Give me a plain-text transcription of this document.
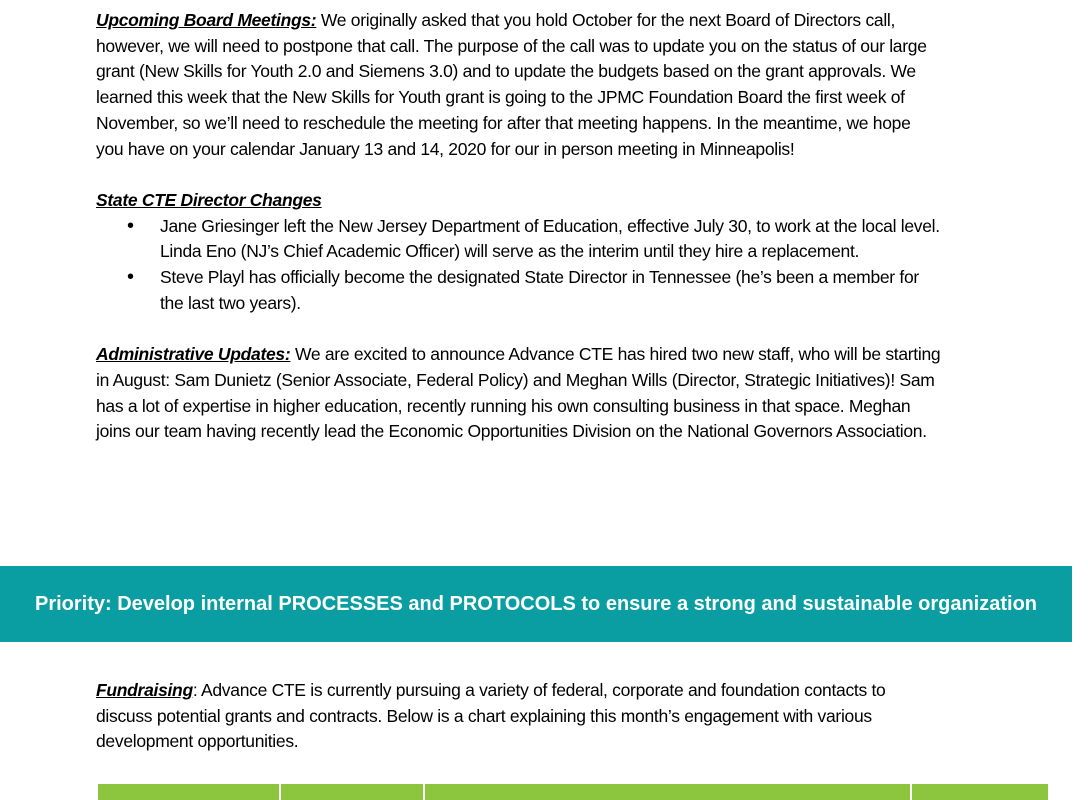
Upcoming Board Meetings: We originally asked that you hold October for the next Board of Directors call, however, we will need to postpone that call. The purpose of the call was to update you on the status of our large grant (New Skills for Youth 2.0 and Siemens 3.0) and to update the budgets based on the grant approvals. We learned this week that the New Skills for Youth grant is going to the JPMC Foundation Board the first week of November, so we’ll need to reschedule the meeting for after that meeting happens. In the meantime, we hope you have on your calendar January 13 and 14, 2020 for our in person meeting in Minneapolis!

State CTE Director Changes
• Jane Griesinger left the New Jersey Department of Education, effective July 30, to work at the local level. Linda Eno (NJ’s Chief Academic Officer) will serve as the interim until they hire a replacement.
• Steve Playl has officially become the designated State Director in Tennessee (he’s been a member for the last two years).

Administrative Updates: We are excited to announce Advance CTE has hired two new staff, who will be starting in August: Sam Dunietz (Senior Associate, Federal Policy) and Meghan Wills (Director, Strategic Initiatives)! Sam has a lot of expertise in higher education, recently running his own consulting business in that space. Meghan joins our team having recently lead the Economic Opportunities Division on the National Governors Association.

Priority: Develop internal PROCESSES and PROTOCOLS to ensure a strong and sustainable organization

Fundraising: Advance CTE is currently pursuing a variety of federal, corporate and foundation contacts to discuss potential grants and contracts. Below is a chart explaining this month’s engagement with various development opportunities.
